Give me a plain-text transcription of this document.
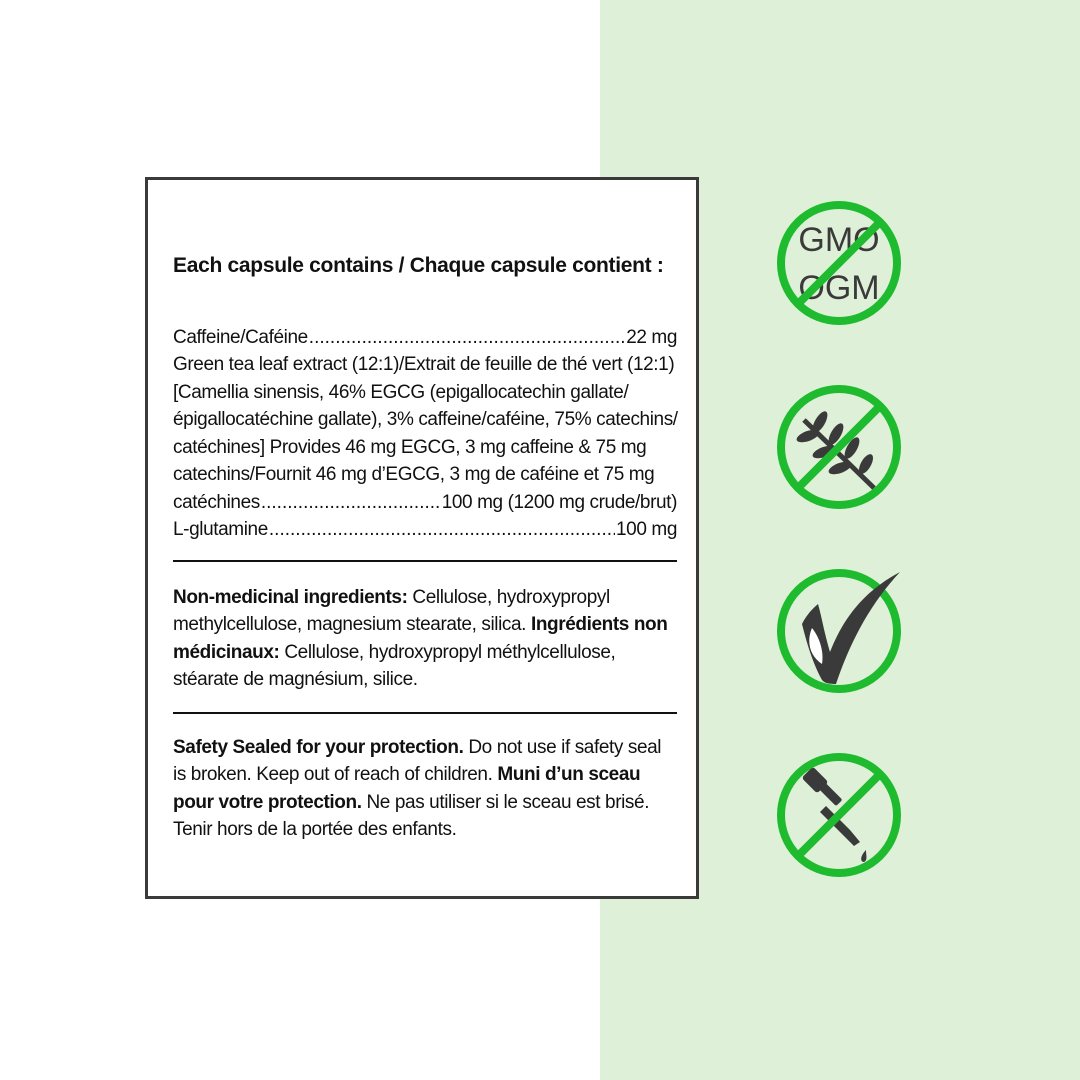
Each capsule contains / Chaque capsule contient :
Caffeine/Caféine .....	22 mg
Green tea leaf extract (12:1)/Extrait de feuille de thé vert (12:1)
[Camellia sinensis, 46% EGCG (epigallocatechin gallate/
épigallocatéchine gallate), 3% caffeine/caféine, 75% catechins/
catéchines] Provides 46 mg EGCG, 3 mg caffeine & 75 mg
catechins/Fournit 46 mg d’EGCG, 3 mg de caféine et 75 mg
catéchines .....	100 mg (1200 mg crude/brut)
L-glutamine .....	100 mg

Non-medicinal ingredients: Cellulose, hydroxypropyl methylcellulose, magnesium stearate, silica. Ingrédients non médicinaux: Cellulose, hydroxypropyl méthylcellulose, stéarate de magnésium, silice.

Safety Sealed for your protection. Do not use if safety seal is broken. Keep out of reach of children. Muni d’un sceau pour votre protection. Ne pas utiliser si le sceau est brisé. Tenir hors de la portée des enfants.

GMO
OGM
